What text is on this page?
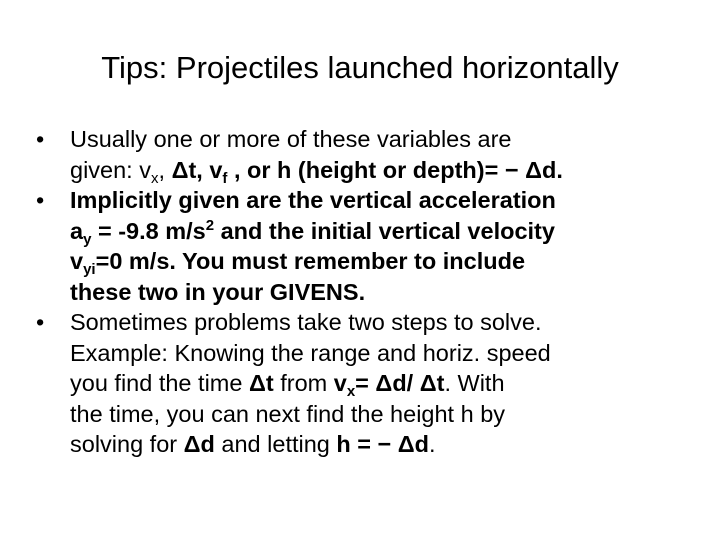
Tips: Projectiles launched horizontally
•	Usually one or more of these variables are
given: $v_x$, Δt, $v_f$ , or h (height or depth)= − Δd.
•	Implicitly given are the vertical acceleration
$a_y = -9.8$ $m/s^2$ and the initial vertical velocity
$v_{yi}=0$ m/s. You must remember to include
these two in your GIVENS.
•	Sometimes problems take two steps to solve.
Example: Knowing the range and horiz. speed
you find the time Δt from $v_x= \Delta d/$ Δt. With
the time, you can next find the height h by
solving for Δd and letting h = − Δd.
